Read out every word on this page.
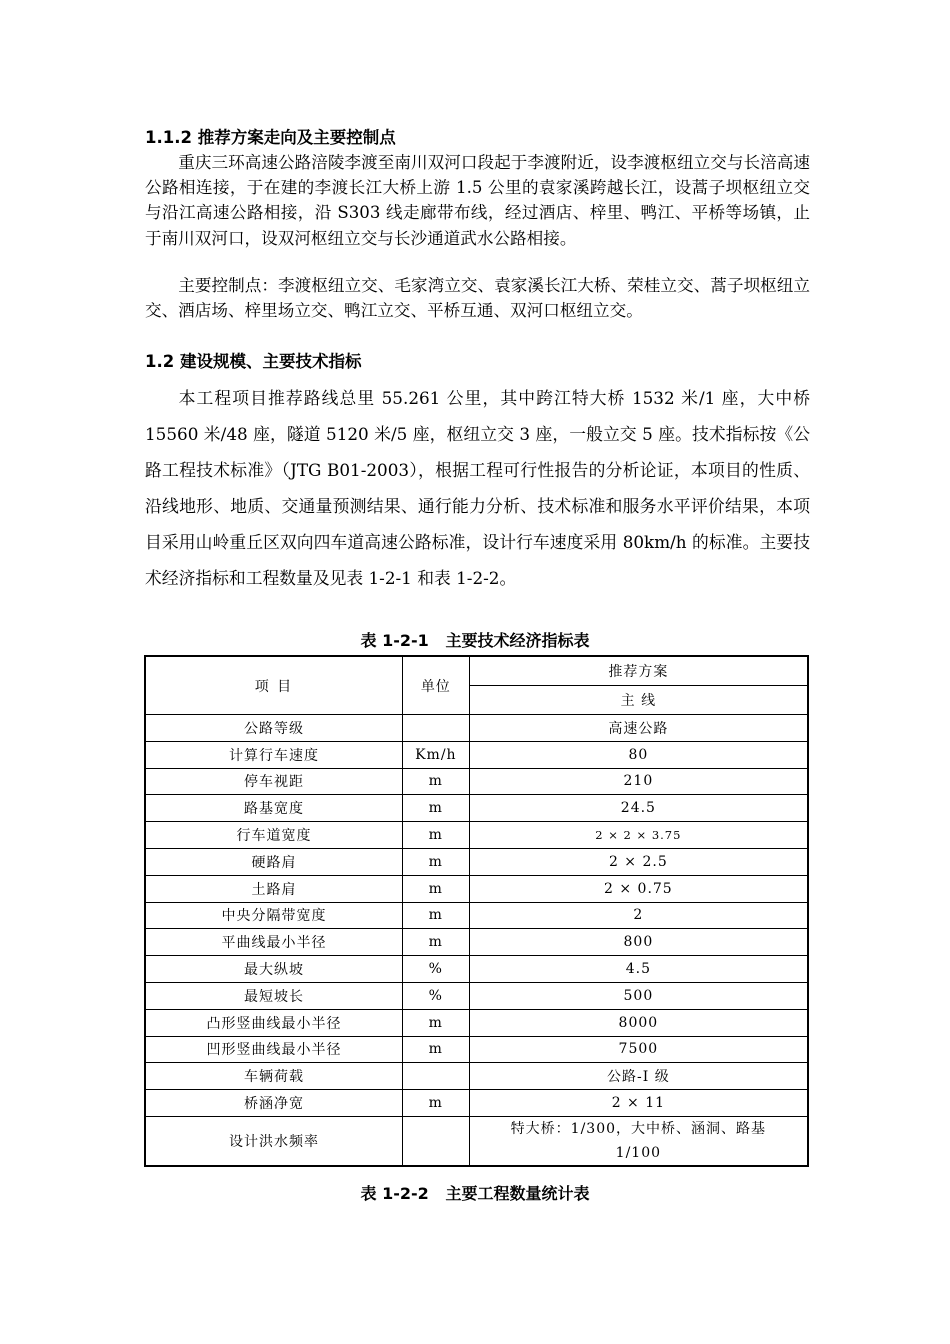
1.1.2 推荐方案走向及主要控制点
重庆三环高速公路涪陵李渡至南川双河口段起于李渡附近，设李渡枢纽立交与长涪高速公路相连接，于在建的李渡长江大桥上游 1.5 公里的袁家溪跨越长江，设蒿子坝枢纽立交与沿江高速公路相接，沿 S303 线走廊带布线，经过酒店、梓里、鸭江、平桥等场镇，止于南川双河口，设双河枢纽立交与长沙通道武水公路相接。
主要控制点：李渡枢纽立交、毛家湾立交、袁家溪长江大桥、荣桂立交、蒿子坝枢纽立交、酒店场、梓里场立交、鸭江立交、平桥互通、双河口枢纽立交。
1.2 建设规模、主要技术指标
本工程项目推荐路线总里 55.261 公里，其中跨江特大桥 1532 米/1 座，大中桥 15560 米/48 座，隧道 5120 米/5 座，枢纽立交 3 座，一般立交 5 座。技术指标按《公路工程技术标准》（JTG B01-2003），根据工程可行性报告的分析论证，本项目的性质、沿线地形、地质、交通量预测结果、通行能力分析、技术标准和服务水平评价结果，本项目采用山岭重丘区双向四车道高速公路标准，设计行车速度采用 80km/h 的标准。主要技术经济指标和工程数量及见表 1-2-1 和表 1-2-2。
表 1-2-1   主要技术经济指标表
项 目	单位	推荐方案
		主 线
公路等级		高速公路
计算行车速度	Km/h	80
停车视距	m	210
路基宽度	m	24.5
行车道宽度	m	2 × 2 × 3.75
硬路肩	m	2 × 2.5
土路肩	m	2 × 0.75
中央分隔带宽度	m	2
平曲线最小半径	m	800
最大纵坡	%	4.5
最短坡长	%	500
凸形竖曲线最小半径	m	8000
凹形竖曲线最小半径	m	7500
车辆荷载		公路-Ⅰ 级
桥涵净宽	m	2 × 11
设计洪水频率		特大桥：1/300，大中桥、涵洞、路基 1/100
表 1-2-2   主要工程数量统计表
